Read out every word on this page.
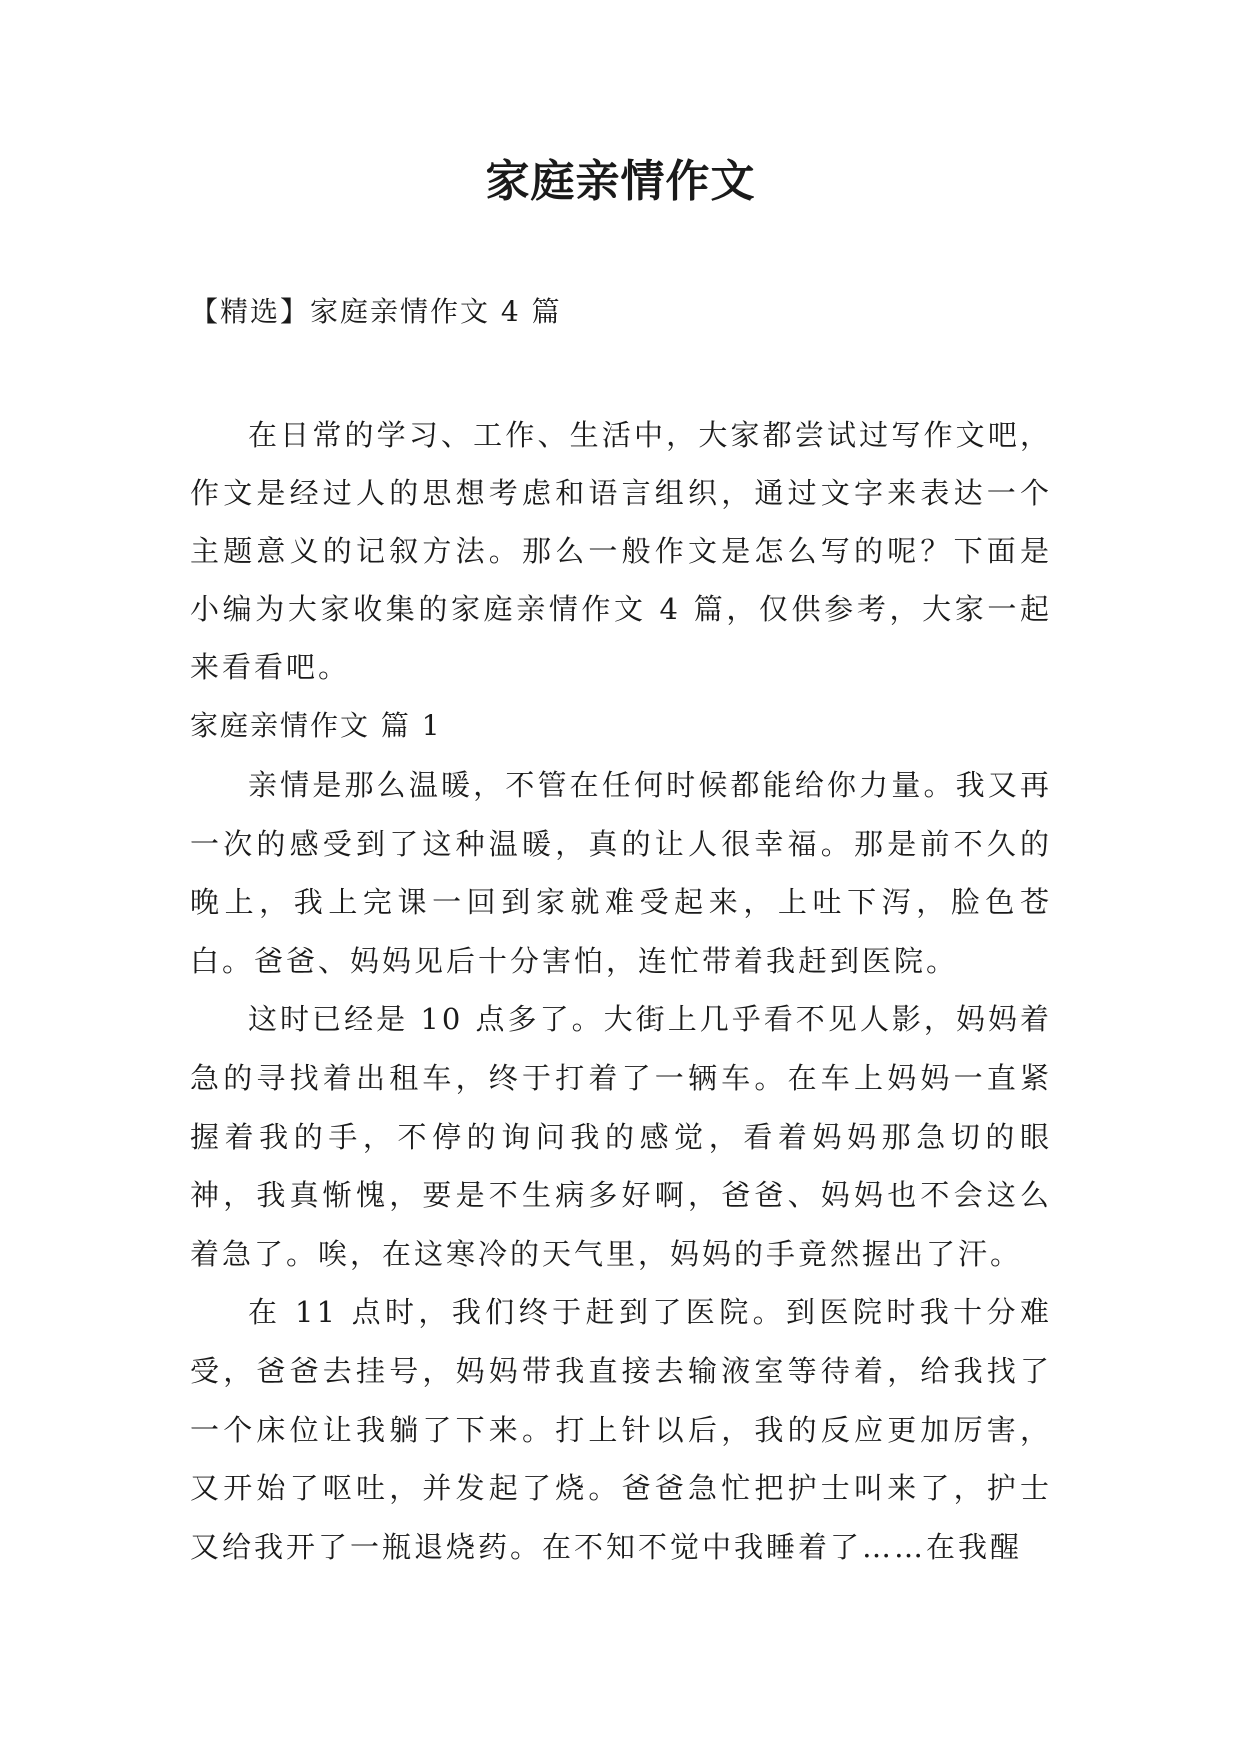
家庭亲情作文
【精选】家庭亲情作文 4 篇

在日常的学习、工作、生活中，大家都尝试过写作文吧，作文是经过人的思想考虑和语言组织，通过文字来表达一个主题意义的记叙方法。那么一般作文是怎么写的呢？下面是小编为大家收集的家庭亲情作文 4 篇，仅供参考，大家一起来看看吧。

家庭亲情作文 篇 1

亲情是那么温暖，不管在任何时候都能给你力量。我又再一次的感受到了这种温暖，真的让人很幸福。那是前不久的晚上，我上完课一回到家就难受起来，上吐下泻，脸色苍白。爸爸、妈妈见后十分害怕，连忙带着我赶到医院。

这时已经是 10 点多了。大街上几乎看不见人影，妈妈着急的寻找着出租车，终于打着了一辆车。在车上妈妈一直紧握着我的手，不停的询问我的感觉，看着妈妈那急切的眼神，我真惭愧，要是不生病多好啊，爸爸、妈妈也不会这么着急了。唉，在这寒冷的天气里，妈妈的手竟然握出了汗。

在 11 点时，我们终于赶到了医院。到医院时我十分难受，爸爸去挂号，妈妈带我直接去输液室等待着，给我找了一个床位让我躺了下来。打上针以后，我的反应更加厉害，又开始了呕吐，并发起了烧。爸爸急忙把护士叫来了，护士又给我开了一瓶退烧药。在不知不觉中我睡着了……在我醒
